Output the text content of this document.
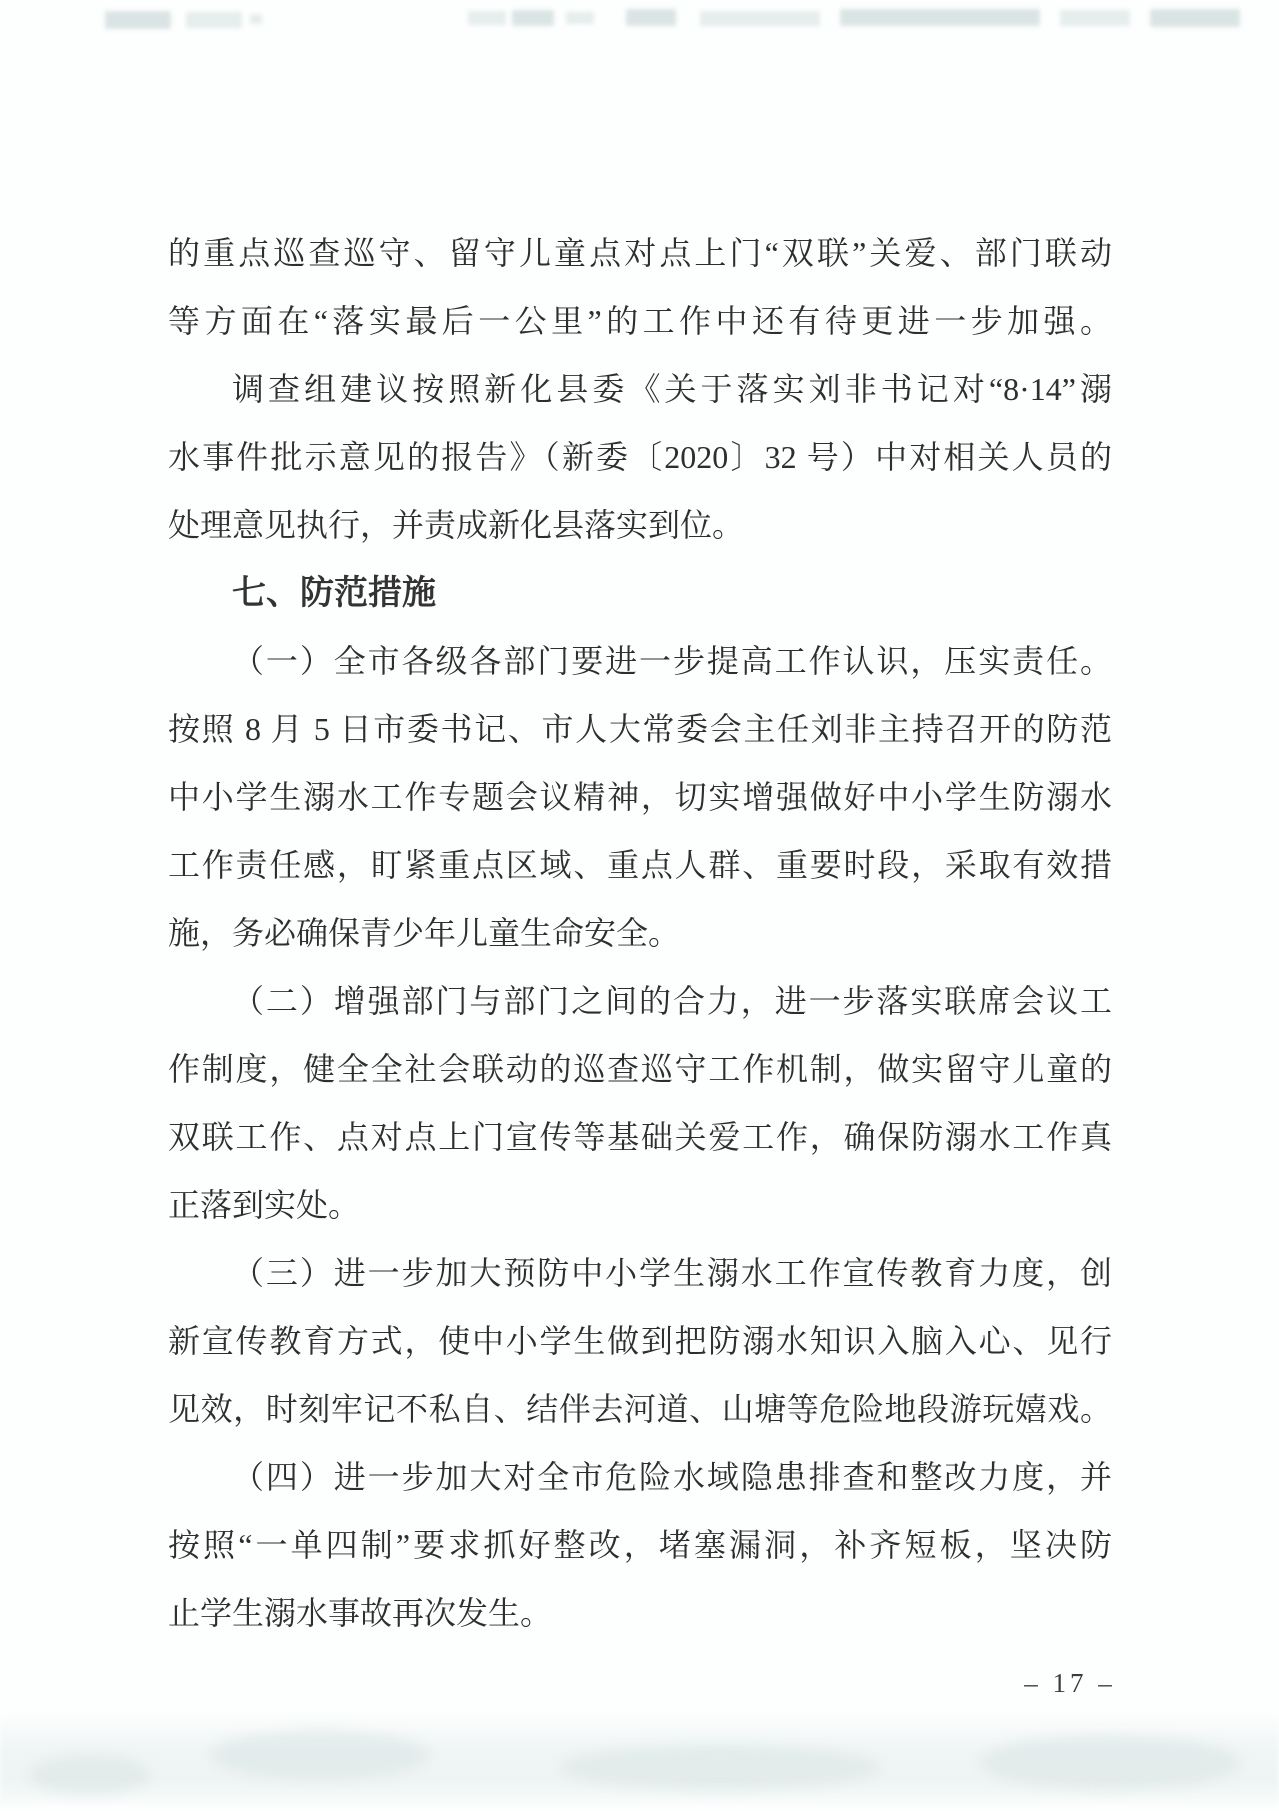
的重点巡查巡守、留守儿童点对点上门“双联”关爱、部门联动
等方面在“落实最后一公里”的工作中还有待更进一步加强。
调查组建议按照新化县委《关于落实刘非书记对“8·14”溺
水事件批示意见的报告》（新委〔2020〕32 号）中对相关人员的
处理意见执行，并责成新化县落实到位。
七、防范措施
（一）全市各级各部门要进一步提高工作认识，压实责任。
按照 8 月 5 日市委书记、市人大常委会主任刘非主持召开的防范
中小学生溺水工作专题会议精神，切实增强做好中小学生防溺水
工作责任感，盯紧重点区域、重点人群、重要时段，采取有效措
施，务必确保青少年儿童生命安全。
（二）增强部门与部门之间的合力，进一步落实联席会议工
作制度，健全全社会联动的巡查巡守工作机制，做实留守儿童的
双联工作、点对点上门宣传等基础关爱工作，确保防溺水工作真
正落到实处。
（三）进一步加大预防中小学生溺水工作宣传教育力度，创
新宣传教育方式，使中小学生做到把防溺水知识入脑入心、见行
见效，时刻牢记不私自、结伴去河道、山塘等危险地段游玩嬉戏。
（四）进一步加大对全市危险水域隐患排查和整改力度，并
按照“一单四制”要求抓好整改，堵塞漏洞，补齐短板，坚决防
止学生溺水事故再次发生。
– 17 –
